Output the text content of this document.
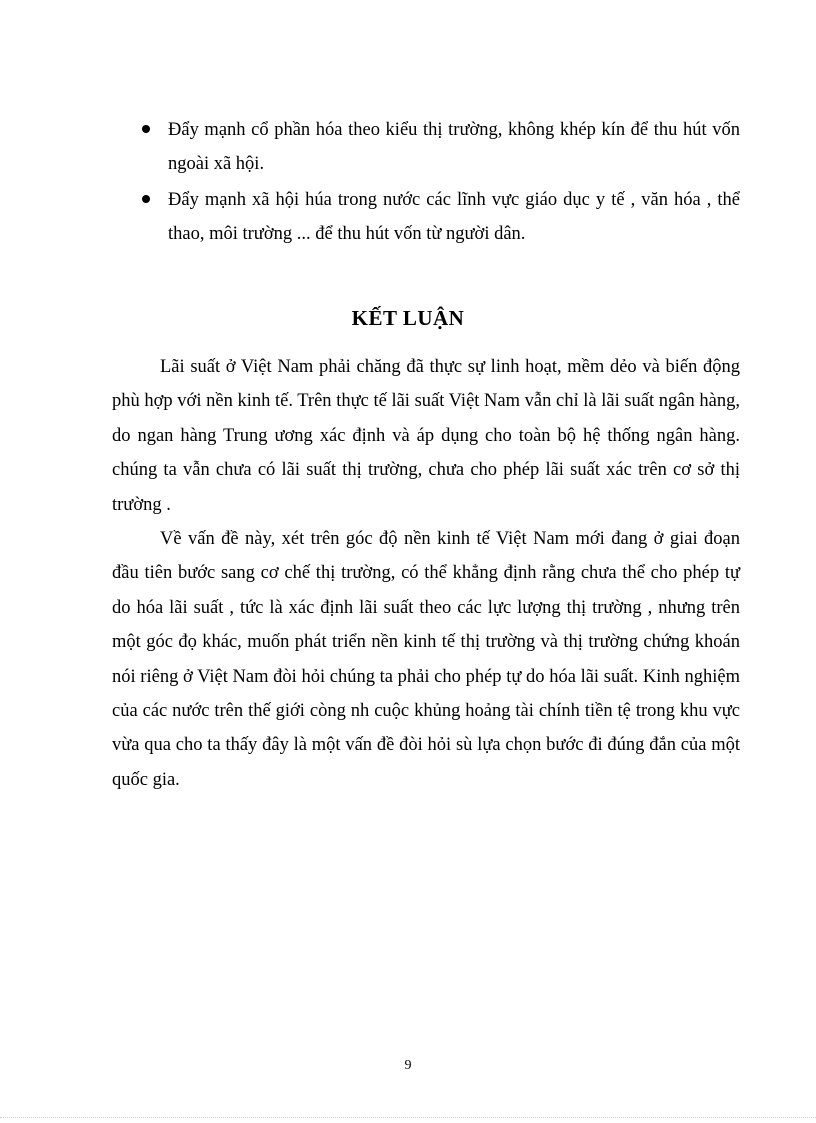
Đẩy mạnh cổ phần hóa theo kiểu thị trường, không khép kín để thu hút vốn ngoài xã hội.
Đẩy mạnh xã hội húa trong nước các lĩnh vực giáo dục y tế , văn hóa , thể thao, môi trường ... để thu hút vốn từ người dân.
KẾT LUẬN

Lãi suất ở Việt Nam phải chăng đã thực sự linh hoạt, mềm dẻo và biến động phù hợp với nền kinh tế. Trên thực tế lãi suất Việt Nam vẫn chỉ là lãi suất ngân hàng, do ngan hàng Trung ương xác định và áp dụng cho toàn bộ hệ thống ngân hàng. chúng ta vẫn chưa có lãi suất thị trường, chưa cho phép lãi suất xác trên cơ sở thị trường .

Về vấn đề này, xét trên góc độ nền kinh tế Việt Nam mới đang ở giai đoạn đầu tiên bước sang cơ chế thị trường, có thể khẳng định rằng chưa thể cho phép tự do hóa lãi suất , tức là xác định lãi suất theo các lực lượng thị trường , nhưng trên một góc đọ khác, muốn phát triển nền kinh tế thị trường và thị trường chứng khoán nói riêng ở Việt Nam đòi hỏi chúng ta phải cho phép tự do hóa lãi suất. Kinh nghiệm của các nước trên thế giới còng nh cuộc khủng hoảng tài chính tiền tệ trong khu vực vừa qua cho ta thấy đây là một vấn đề đòi hỏi sù lựa chọn bước đi đúng đắn của một quốc gia.

9
